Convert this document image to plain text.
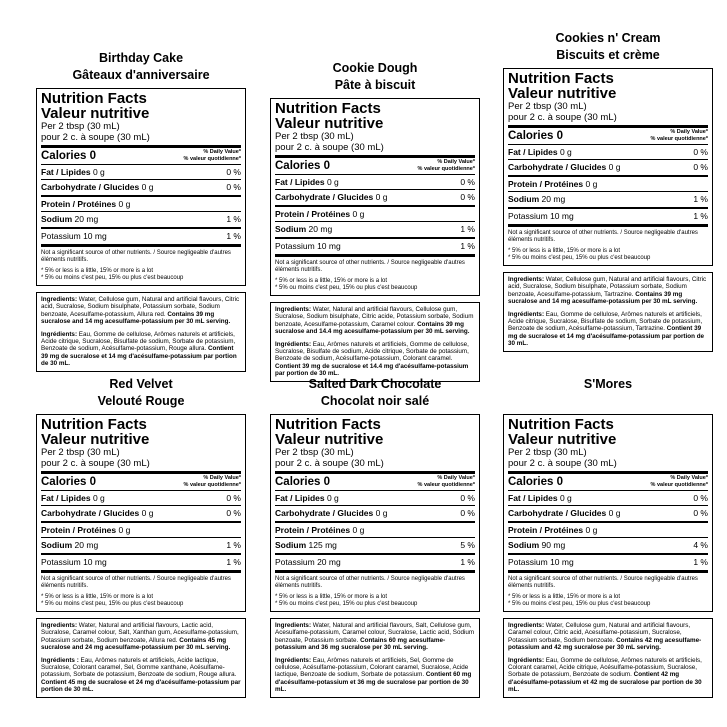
Birthday Cake
Gâteaux d'anniversaire
Nutrition Facts
Valeur nutritive
Per 2 tbsp (30 mL)
pour 2 c. à soupe (30 mL)
Calories 0	% Daily Value*
% valeur quotidienne*
Fat / Lipides 0 g	0 %
Carbohydrate / Glucides 0 g	0 %
Protein / Protéines 0 g
Sodium 20 mg	1 %
Potassium 10 mg	1 %
Not a significant source of other nutrients. / Source negligeable d'autres éléments nutritifs.
* 5% or less is a little, 15% or more is a lot
* 5% ou moins c'est peu, 15% ou plus c'est beaucoup

Ingredients: Water, Cellulose gum, Natural and artificial flavours, Citric acid, Sucralose, Sodium bisulphate, Potassium sorbate, Sodium benzoate, Acesulfame-potassium, Allura red. Contains 39 mg sucralose and 14 mg acesulfame-potassium per 30 mL serving.

Ingrédients: Eau, Gomme de cellulose, Arômes naturels et artificiels, Acide citrique, Sucralose, Bisulfate de sodium, Sorbate de potassium, Benzoate de sodium, Acésulfame-potassium, Rouge allura. Contient 39 mg de sucralose et 14 mg d'acésulfame-potassium par portion de 30 mL.

Cookie Dough
Pâte à biscuit
Nutrition Facts
Valeur nutritive
Per 2 tbsp (30 mL)
pour 2 c. à soupe (30 mL)
Calories 0	% Daily Value*
% valeur quotidienne*
Fat / Lipides 0 g	0 %
Carbohydrate / Glucides 0 g	0 %
Protein / Protéines 0 g
Sodium 20 mg	1 %
Potassium 10 mg	1 %
Not a significant source of other nutrients. / Source negligeable d'autres éléments nutritifs.
* 5% or less is a little, 15% or more is a lot
* 5% ou moins c'est peu, 15% ou plus c'est beaucoup

Ingredients: Water, Natural and artificial flavours, Cellulose gum, Sucralose, Sodium bisulphate, Citric acide, Potassium sorbate, Sodium benzoate, Acesulfame-potassium, Caramel colour. Contains 39 mg sucralose and 14.4 mg acesulfame-potassium per 30 mL serving.

Ingrédients: Eau, Arômes naturels et artificiels, Gomme de cellulose, Sucralose, Bisulfate de sodium, Acide citrique, Sorbate de potassium, Benzoate de sodium, Acésulfame-potassium, Colorant caramel. Contient 39 mg de sucralose et 14.4 mg d'acésulfame-potassium par portion de 30 mL.

Cookies n' Cream
Biscuits et crème
Nutrition Facts
Valeur nutritive
Per 2 tbsp (30 mL)
pour 2 c. à soupe (30 mL)
Calories 0	% Daily Value*
% valeur quotidienne*
Fat / Lipides 0 g	0 %
Carbohydrate / Glucides 0 g	0 %
Protein / Protéines 0 g
Sodium 20 mg	1 %
Potassium 10 mg	1 %
Not a significant source of other nutrients. / Source negligeable d'autres éléments nutritifs.
* 5% or less is a little, 15% or more is a lot
* 5% ou moins c'est peu, 15% ou plus c'est beaucoup

Ingredients: Water, Cellulose gum, Natural and artificial flavours, Citric acid, Sucralose, Sodium bisulphate, Potassium sorbate, Sodium benzoate, Acesulfame-potassium, Tartrazine. Contains 39 mg sucralose and 14 mg acesulfame-potassium per 30 mL serving.

Ingrédients: Eau, Gomme de cellulose, Arômes naturels et artificiels, Acide citrique, Sucralose, Bisulfate de sodium, Sorbate de potassium, Benzoate de sodium, Acésulfame-potassium, Tartrazine. Contient 39 mg de sucralose et 14 mg d'acésulfame-potassium par portion de 30 mL.

Red Velvet
Velouté Rouge
Nutrition Facts
Valeur nutritive
Per 2 tbsp (30 mL)
pour 2 c. à soupe (30 mL)
Calories 0	% Daily Value*
% valeur quotidienne*
Fat / Lipides 0 g	0 %
Carbohydrate / Glucides 0 g	0 %
Protein / Protéines 0 g
Sodium 20 mg	1 %
Potassium 10 mg	1 %
Not a significant source of other nutrients. / Source negligeable d'autres éléments nutritifs.
* 5% or less is a little, 15% or more is a lot
* 5% ou moins c'est peu, 15% ou plus c'est beaucoup

Ingredients: Water, Natural and artificial flavours, Lactic acid, Sucralose, Caramel colour, Salt, Xanthan gum, Acesulfame-potassium, Potassium sorbate, Sodium benzoate, Allura red. Contains 45 mg sucralose and 24 mg acesulfame-potassium per 30 mL serving.

Ingrédients : Eau, Arômes naturels et artificiels, Acide lactique, Sucralose, Colorant caramel, Sel, Gomme xanthane, Acésulfame-potassium, Sorbate de potassium, Benzoate de sodium, Rouge allura. Contient 45 mg de sucralose et 24 mg d'acésulfame-potassium par portion de 30 mL.

Salted Dark Chocolate
Chocolat noir salé
Nutrition Facts
Valeur nutritive
Per 2 tbsp (30 mL)
pour 2 c. à soupe (30 mL)
Calories 0	% Daily Value*
% valeur quotidienne*
Fat / Lipides 0 g	0 %
Carbohydrate / Glucides 0 g	0 %
Protein / Protéines 0 g
Sodium 125 mg	5 %
Potassium 20 mg	1 %
Not a significant source of other nutrients. / Source negligeable d'autres éléments nutritifs.
* 5% or less is a little, 15% or more is a lot
* 5% ou moins c'est peu, 15% ou plus c'est beaucoup

Ingredients: Water, Natural and artificial flavours, Salt, Cellulose gum, Acesulfame-potassium, Caramel colour, Sucralose, Lactic acid, Sodium benzoate, Potassium sorbate. Contains 60 mg acesulfame-potassium and 36 mg sucralose per 30 mL serving.

Ingrédients: Eau, Arômes naturels et artificiels, Sel, Gomme de cellulose, Acésulfame-potassium, Colorant caramel, Sucralose, Acide lactique, Benzoate de sodium, Sorbate de potassium. Contient 60 mg d'acésulfame-potassium et 36 mg de sucralose par portion de 30 mL.

S'Mores
Nutrition Facts
Valeur nutritive
Per 2 tbsp (30 mL)
pour 2 c. à soupe (30 mL)
Calories 0	% Daily Value*
% valeur quotidienne*
Fat / Lipides 0 g	0 %
Carbohydrate / Glucides 0 g	0 %
Protein / Protéines 0 g
Sodium 90 mg	4 %
Potassium 10 mg	1 %
Not a significant source of other nutrients. / Source negligeable d'autres éléments nutritifs.
* 5% or less is a little, 15% or more is a lot
* 5% ou moins c'est peu, 15% ou plus c'est beaucoup

Ingredients: Water, Cellulose gum, Natural and artificial flavours, Caramel colour, Citric acid, Acesulfame-potassium, Sucralose, Potassium sorbate, Sodium benzoate. Contains 42 mg acesulfame-potassium and 42 mg sucralose per 30 mL serving.

Ingrédients: Eau, Gomme de cellulose, Arômes naturels et artificiels, Colorant caramel, Acide citrique, Acésulfame-potassium, Sucralose, Sorbate de potassium, Benzoate de sodium. Contient 42 mg d'acésulfame-potassium et 42 mg de sucralose par portion de 30 mL.
